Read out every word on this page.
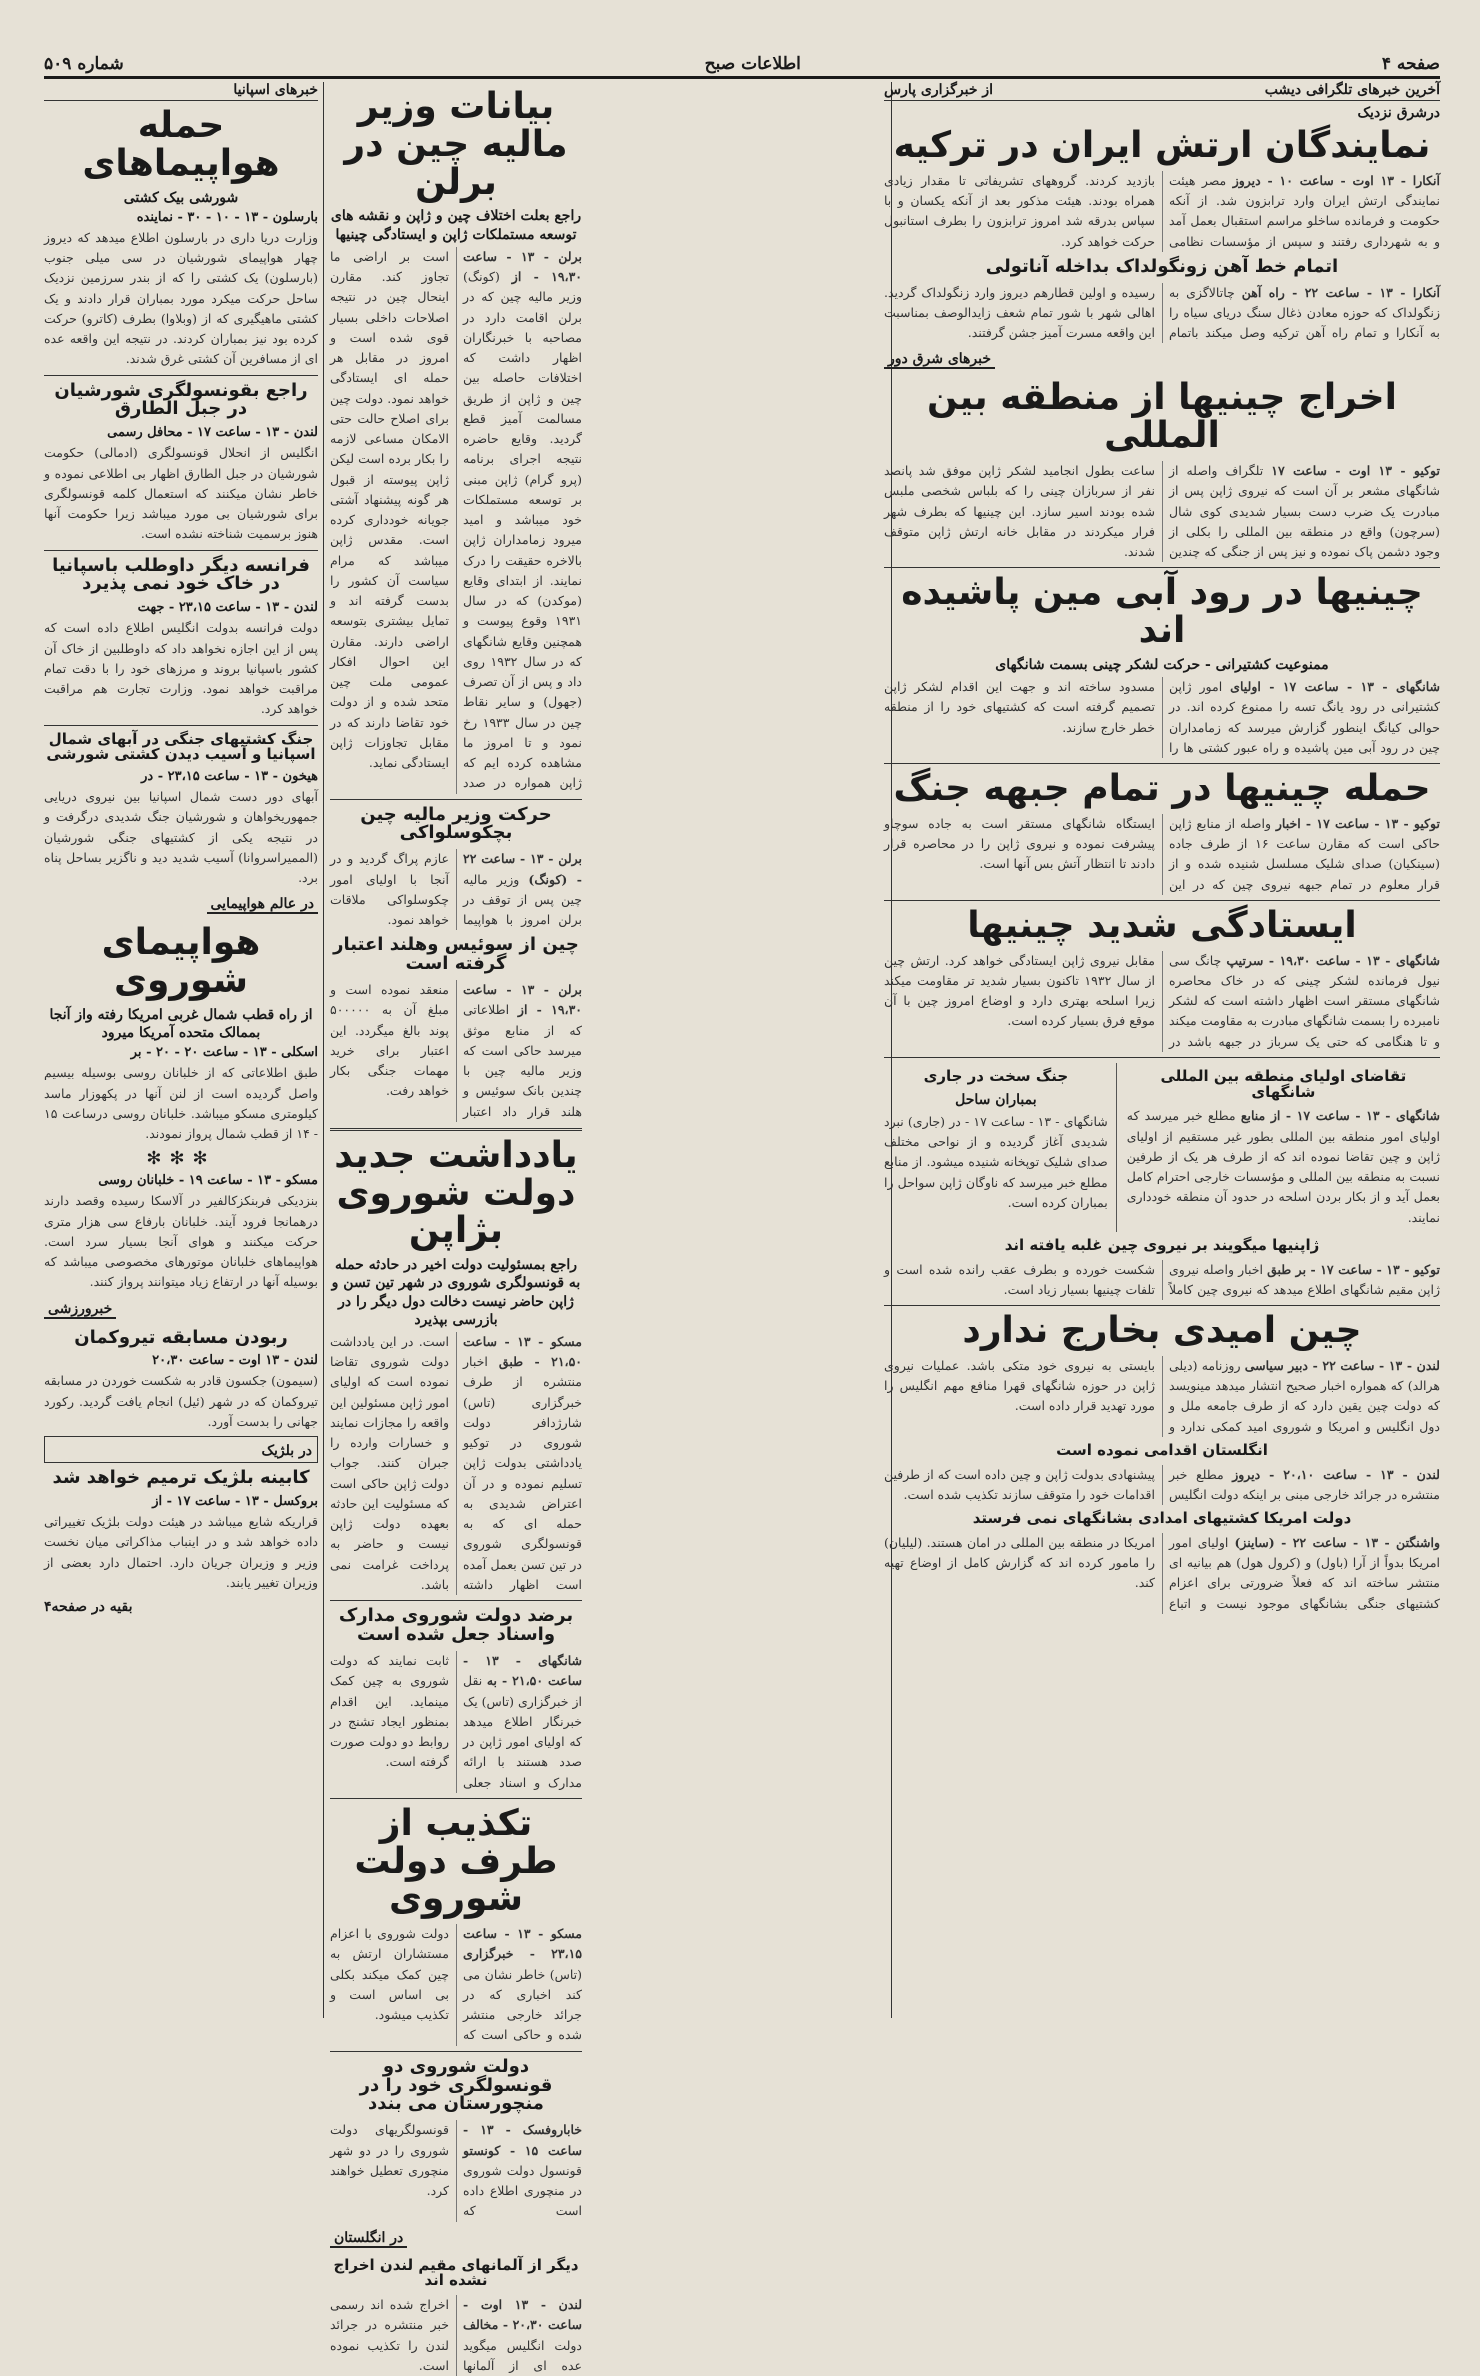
صفحه ۴
اطلاعات صبح
شماره ۵۰۹
آخرین خبرهای تلگرافی دیشب
از خبرگزاری پارس
درشرق نزدیک
نمایندگان ارتش ایران در ترکیه
آنکارا - ۱۳ اوت - ساعت ۱۰ - دیروز مصر هیئت نمایندگی ارتش ایران وارد ترابزون شد. از آنکه حکومت و فرمانده ساخلو مراسم استقبال بعمل آمد و به شهرداری رفتند و سپس از مؤسسات نظامی بازدید کردند. گروههای تشریفاتی تا مقدار زیادی همراه بودند. هیئت مذکور بعد از آنکه یکسان و با سپاس بدرقه شد امروز ترابزون را بطرف استانبول حرکت خواهد کرد.
اتمام خط آهن زونگولداک بداخله آناتولی
آنکارا - ۱۳ - ساعت ۲۲ - راه آهن چاتالاگزی به زنگولداک که حوزه معادن ذغال سنگ دریای سیاه را به آنکارا و تمام راه آهن ترکیه وصل میکند باتمام رسیده و اولین قطارهم دیروز وارد زنگولداک گردید. اهالی شهر با شور تمام شعف زایدالوصف بمناسبت این واقعه مسرت آمیز جشن گرفتند.
خبرهای شرق دور
اخراج چینیها از منطقه بین المللی
توکیو - ۱۳ اوت - ساعت ۱۷ تلگراف واصله از شانگهای مشعر بر آن است که نیروی ژاپن پس از مبادرت یک ضرب دست بسیار شدیدی کوی شال (سرچون) واقع در منطقه بین المللی را بکلی از وجود دشمن پاک نموده و نیز پس از جنگی که چندین ساعت بطول انجامید لشکر ژاپن موفق شد پانصد نفر از سربازان چینی را که بلباس شخصی ملبس شده بودند اسیر سازد. این چینیها که بطرف شهر فرار میکردند در مقابل خانه ارتش ژاپن متوقف شدند.
چینیها در رود آبی مین پاشیده اند
ممنوعیت کشتیرانی - حرکت لشکر چینی بسمت شانگهای
شانگهای - ۱۳ - ساعت ۱۷ - اولیای امور ژاپن کشتیرانی در رود یانگ تسه را ممنوع کرده اند. در حوالی کیانگ اینطور گزارش میرسد که زمامداران چین در رود آبی مین پاشیده و راه عبور کشتی ها را مسدود ساخته اند و جهت این اقدام لشکر ژاپن تصمیم گرفته است که کشتیهای خود را از منطقه خطر خارج سازند.
حمله چینیها در تمام جبهه جنگ
توکیو - ۱۳ - ساعت ۱۷ - اخبار واصله از منابع ژاپن حاکی است که مقارن ساعت ۱۶ از طرف جاده (سینکیان) صدای شلیک مسلسل شنیده شده و از قرار معلوم در تمام جبهه نیروی چین که در این ایستگاه شانگهای مستقر است به جاده سوچاو پیشرفت نموده و نیروی ژاپن را در محاصره قرار دادند تا انتظار آتش بس آنها است.
ایستادگی شدید چینیها
شانگهای - ۱۳ - ساعت ۱۹،۳۰ - سرتیپ چانگ سی نیول فرمانده لشکر چینی که در خاک محاصره شانگهای مستقر است اظهار داشته است که لشکر نامبرده را بسمت شانگهای مبادرت به مقاومت میکند و تا هنگامی که حتی یک سرباز در جبهه باشد در مقابل نیروی ژاپن ایستادگی خواهد کرد. ارتش چین از سال ۱۹۳۲ تاکنون بسیار شدید تر مقاومت میکند زیرا اسلحه بهتری دارد و اوضاع امروز چین با آن موقع فرق بسیار کرده است.
تقاضای اولیای منطقه بین المللی شانگهای
شانگهای - ۱۳ - ساعت ۱۷ - از منابع مطلع خبر میرسد که اولیای امور منطقه بین المللی بطور غیر مستقیم از اولیای ژاپن و چین تقاضا نموده اند که از طرف هر یک از طرفین نسبت به منطقه بین المللی و مؤسسات خارجی احترام کامل بعمل آید و از بکار بردن اسلحه در حدود آن منطقه خودداری نمایند.
جنگ سخت در جاری
بمباران ساحل
شانگهای - ۱۳ - ساعت ۱۷ - در (جاری) نبرد شدیدی آغاز گردیده و از نواحی مختلف صدای شلیک توپخانه شنیده میشود. از منابع مطلع خبر میرسد که ناوگان ژاپن سواحل را بمباران کرده است.
ژاپنیها میگویند بر نیروی چین غلبه یافته اند
توکیو - ۱۳ - ساعت ۱۷ - بر طبق اخبار واصله نیروی ژاپن مقیم شانگهای اطلاع میدهد که نیروی چین کاملاً شکست خورده و بطرف عقب رانده شده است و تلفات چینیها بسیار زیاد است.
چین امیدی بخارج ندارد
لندن - ۱۳ - ساعت ۲۲ - دبیر سیاسی روزنامه (دیلی هرالد) که همواره اخبار صحیح انتشار میدهد مینویسد که دولت چین یقین دارد که از طرف جامعه ملل و دول انگلیس و امریکا و شوروی امید کمکی ندارد و بایستی به نیروی خود متکی باشد. عملیات نیروی ژاپن در حوزه شانگهای قهرا منافع مهم انگلیس را مورد تهدید قرار داده است.
انگلستان اقدامی نموده است
لندن - ۱۳ - ساعت ۲۰،۱۰ - دیروز مطلع خبر منتشره در جرائد خارجی مبنی بر اینکه دولت انگلیس پیشنهادی بدولت ژاپن و چین داده است که از طرفین اقدامات خود را متوقف سازند تکذیب شده است.
دولت امریکا کشتیهای امدادی بشانگهای نمی فرستد
واشنگتن - ۱۳ - ساعت ۲۲ - (ساینز) اولیای امور امریکا بدواً از آرا (باول) و (کرول هول) هم بیانیه ای منتشر ساخته اند که فعلاً ضرورتی برای اعزام کشتیهای جنگی بشانگهای موجود نیست و اتباع امریکا در منطقه بین المللی در امان هستند. (لیلیان) را مامور کرده اند که گزارش کامل از اوضاع تهیه کند.
بیانات وزیر مالیه چین در برلن
راجع بعلت اختلاف چین و ژاپن و نقشه های توسعه مستملکات ژاپن و ایستادگی چینیها
برلن - ۱۳ - ساعت ۱۹،۳۰ - از (کونگ) وزیر مالیه چین که در برلن اقامت دارد در مصاحبه با خبرنگاران اظهار داشت که اختلافات حاصله بین چین و ژاپن از طریق مسالمت آمیز قطع گردید. وقایع حاضره نتیجه اجرای برنامه (پرو گرام) ژاپن مبنی بر توسعه مستملکات خود میباشد و امید میرود زمامداران ژاپن بالاخره حقیقت را درک نمایند. از ابتدای وقایع (موکدن) که در سال ۱۹۳۱ وقوع پیوست و همچنین وقایع شانگهای که در سال ۱۹۳۲ روی داد و پس از آن تصرف (جهول) و سایر نقاط چین در سال ۱۹۳۳ رخ نمود و تا امروز ما مشاهده کرده ایم که ژاپن همواره در صدد است بر اراضی ما تجاوز کند. مقارن اینحال چین در نتیجه اصلاحات داخلی بسیار قوی شده است و امروز در مقابل هر حمله ای ایستادگی خواهد نمود. دولت چین برای اصلاح حالت حتی الامکان مساعی لازمه را بکار برده است لیکن ژاپن پیوسته از قبول هر گونه پیشنهاد آشتی جویانه خودداری کرده است. مقدس ژاپن میباشد که مرام سیاست آن کشور را بدست گرفته اند و تمایل بیشتری بتوسعه اراضی دارند. مقارن این احوال افکار عمومی ملت چین متحد شده و از دولت خود تقاضا دارند که در مقابل تجاوزات ژاپن ایستادگی نماید.
حرکت وزیر مالیه چین بچکوسلواکی
برلن - ۱۳ - ساعت ۲۲ - (کونگ) وزیر مالیه چین پس از توقف در برلن امروز با هواپیما عازم پراگ گردید و در آنجا با اولیای امور چکوسلواکی ملاقات خواهد نمود.
چین از سوئیس وهلند اعتبار گرفته است
برلن - ۱۳ - ساعت ۱۹،۳۰ - از اطلاعاتی که از منابع موثق میرسد حاکی است که وزیر مالیه چین با چندین بانک سوئیس و هلند قرار داد اعتبار منعقد نموده است و مبلغ آن به ۵۰۰۰۰۰ پوند بالغ میگردد. این اعتبار برای خرید مهمات جنگی بکار خواهد رفت.
یادداشت جدید دولت شوروی بژاپن
راجع بمسئولیت دولت اخیر در حادثه حمله به قونسولگری شوروی در شهر تین تسن و ژاپن حاضر نیست دخالت دول دیگر را در بازرسی بپذیرد
مسکو - ۱۳ - ساعت ۲۱،۵۰ - طبق اخبار منتشره از طرف خبرگزاری (تاس) شارژدافر دولت شوروی در توکیو یادداشتی بدولت ژاپن تسلیم نموده و در آن اعتراض شدیدی به حمله ای که به قونسولگری شوروی در تین تسن بعمل آمده است اظهار داشته است. در این یادداشت دولت شوروی تقاضا نموده است که اولیای امور ژاپن مسئولین این واقعه را مجازات نمایند و خسارات وارده را جبران کنند. جواب دولت ژاپن حاکی است که مسئولیت این حادثه بعهده دولت ژاپن نیست و حاضر به پرداخت غرامت نمی باشد.
برضد دولت شوروی مدارک واسناد جعل شده است
شانگهای - ۱۳ - ساعت ۲۱،۵۰ - به نقل از خبرگزاری (تاس) یک خبرنگار اطلاع میدهد که اولیای امور ژاپن در صدد هستند با ارائه مدارک و اسناد جعلی ثابت نمایند که دولت شوروی به چین کمک مینماید. این اقدام بمنظور ایجاد تشنج در روابط دو دولت صورت گرفته است.
تکذیب از طرف دولت شوروی
مسکو - ۱۳ - ساعت ۲۳،۱۵ - خبرگزاری (تاس) خاطر نشان می کند اخباری که در جرائد خارجی منتشر شده و حاکی است که دولت شوروی با اعزام مستشاران ارتش به چین کمک میکند بکلی بی اساس است و تکذیب میشود.
دولت شوروی دو قونسولگری خود را در منچورستان می بندد
خاباروفسک - ۱۳ - ساعت ۱۵ - کونستو قونسول دولت شوروی در منچوری اطلاع داده است که قونسولگریهای دولت شوروی را در دو شهر منچوری تعطیل خواهند کرد.
در انگلستان
دیگر از آلمانهای مقیم لندن اخراج نشده اند
لندن - ۱۳ اوت - ساعت ۲۰،۳۰ - مخالف دولت انگلیس میگوید عده ای از آلمانها اخراج شده اند رسمی خبر منتشره در جرائد لندن را تکذیب نموده است.
خبرهای اسپانیا
حمله هواپیماهای
شورشی بیک کشتی
بارسلون - ۱۳ - ۱۰ - ۳۰ - نماینده
وزارت دریا داری در بارسلون اطلاع میدهد که دیروز چهار هواپیمای شورشیان در سی میلی جنوب (بارسلون) یک کشتی را که از بندر سرزمین نزدیک ساحل حرکت میکرد مورد بمباران قرار دادند و یک کشتی ماهیگیری که از (وبلاوا) بطرف (کاترو) حرکت کرده بود نیز بمباران کردند. در نتیجه این واقعه عده ای از مسافرین آن کشتی غرق شدند.
راجع بقونسولگری شورشیان در جبل الطارق
لندن - ۱۳ - ساعت ۱۷ - محافل رسمی
انگلیس از انحلال قونسولگری (ادمالی) حکومت شورشیان در جبل الطارق اظهار بی اطلاعی نموده و خاطر نشان میکنند که استعمال کلمه قونسولگری برای شورشیان بی مورد میباشد زیرا حکومت آنها هنوز برسمیت شناخته نشده است.
فرانسه دیگر داوطلب باسپانیا در خاک خود نمی پذیرد
لندن - ۱۳ - ساعت ۲۳،۱۵ - جهت
دولت فرانسه بدولت انگلیس اطلاع داده است که پس از این اجازه نخواهد داد که داوطلبین از خاک آن کشور باسپانیا بروند و مرزهای خود را با دقت تمام مراقبت خواهد نمود. وزارت تجارت هم مراقبت خواهد کرد.
جنگ کشتیهای جنگی در آبهای شمال اسپانیا و آسیب دیدن کشتی شورشی
هیخون - ۱۳ - ساعت ۲۳،۱۵ - در
آبهای دور دست شمال اسپانیا بین نیروی دریایی جمهوریخواهان و شورشیان جنگ شدیدی درگرفت و در نتیجه یکی از کشتیهای جنگی شورشیان (الممیراسروانا) آسیب شدید دید و ناگزیر بساحل پناه برد.
در عالم هواپیمایی
هواپیمای شوروی
از راه قطب شمال غربی امریکا رفته واز آنجا بممالک متحده آمریکا میرود
اسکلی - ۱۳ - ساعت ۲۰ - ۲۰ - بر
طبق اطلاعاتی که از خلبانان روسی بوسیله بیسیم واصل گردیده است از لنن آنها در پکهوزار ماسد کیلومتری مسکو میباشد. خلبانان روسی درساعت ۱۵ - ۱۴ از قطب شمال پرواز نمودند.
✻✻✻
مسکو - ۱۳ - ساعت ۱۹ - خلبانان روسی
بنزدیکی فربنکزکالفیر در آلاسکا رسیده وقصد دارند درهمانجا فرود آیند. خلبانان بارفاع سی هزار متری حرکت میکنند و هوای آنجا بسیار سرد است. هواپیماهای خلبانان موتورهای مخصوصی میباشد که بوسیله آنها در ارتفاع زیاد میتوانند پرواز کنند.
خبرورزشی
ربودن مسابقه تیروکمان
لندن - ۱۳ اوت - ساعت ۲۰،۳۰
(سیمون) جکسون قادر به شکست خوردن در مسابقه تیروکمان که در شهر (ئیل) انجام یافت گردید. رکورد جهانی را بدست آورد.
در بلژیک
کابینه بلژیک ترمیم خواهد شد
بروکسل - ۱۳ - ساعت ۱۷ - از
قراریکه شایع میباشد در هیئت دولت بلژیک تغییراتی داده خواهد شد و در اینباب مذاکراتی میان نخست وزیر و وزیران جریان دارد. احتمال دارد بعضی از وزیران تغییر یابند.
بقیه در صفحه۴
